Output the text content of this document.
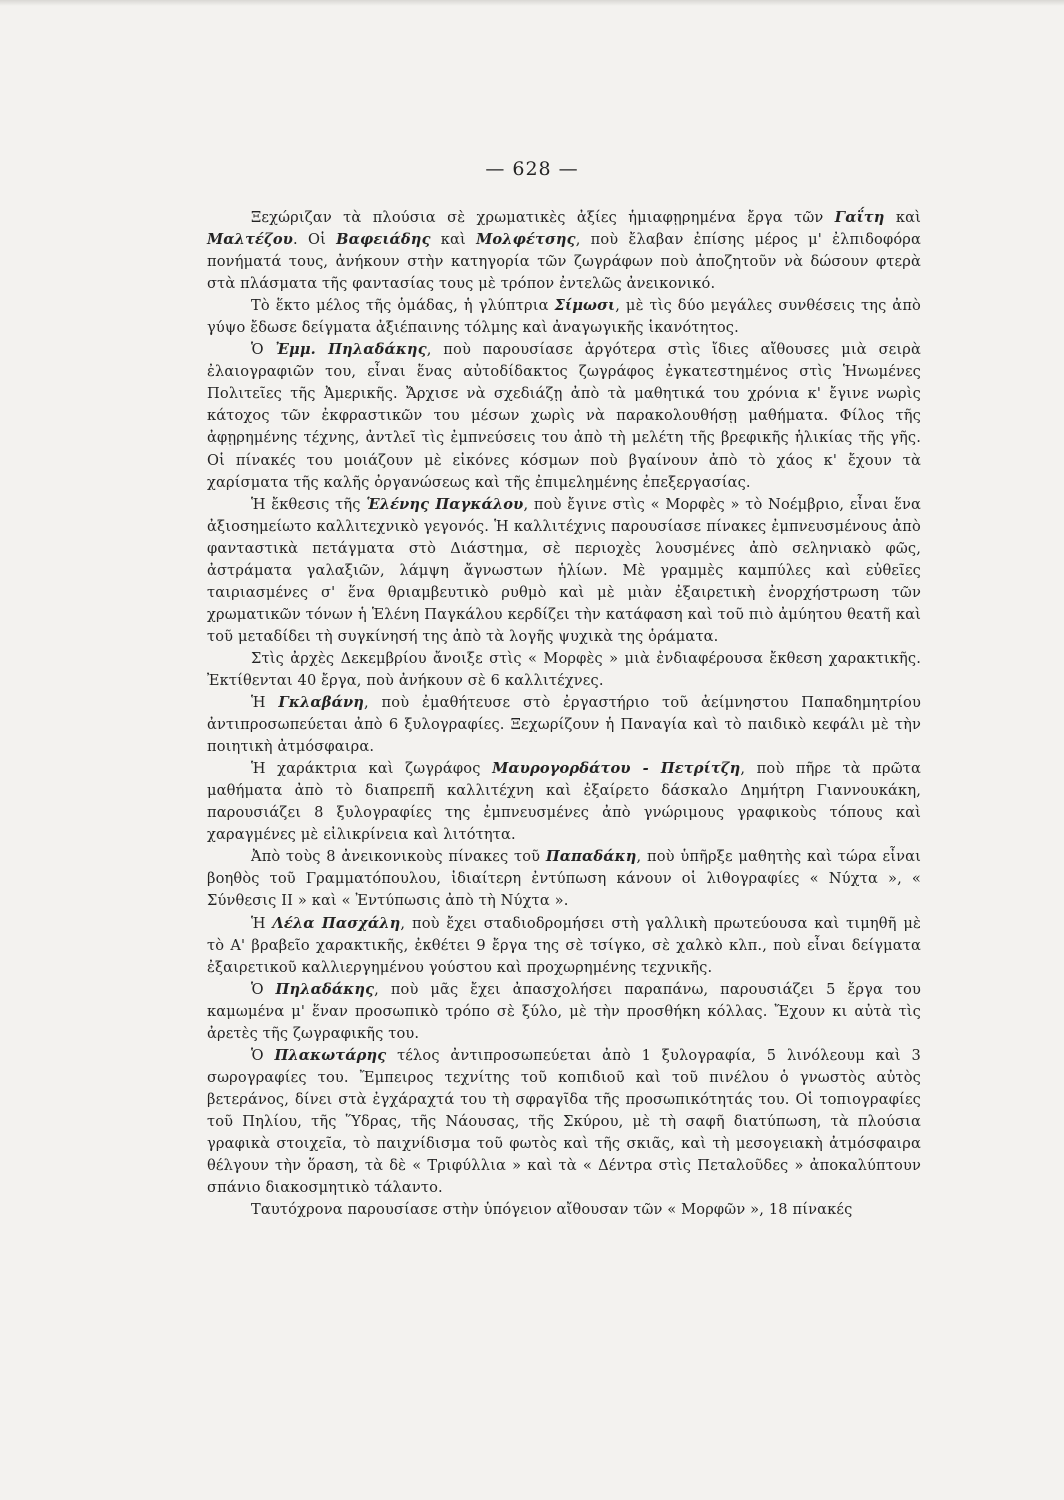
— 628 —

Ξεχώριζαν τὰ πλούσια σὲ χρωματικὲς ἀξίες ἡμιαφῃρημένα ἔργα τῶν Γαΐτη καὶ Μαλτέζου. Οἱ Βαφειάδης καὶ Μολφέτσης, ποὺ ἔλαβαν ἐπίσης μέρος μ' ἐλπιδοφόρα πονήματά τους, ἀνήκουν στὴν κατηγορία τῶν ζωγράφων ποὺ ἀποζητοῦν νὰ δώσουν φτερὰ στὰ πλάσματα τῆς φαντασίας τους μὲ τρόπον ἐντελῶς ἀνεικονικό.

Τὸ ἕκτο μέλος τῆς ὁμάδας, ἡ γλύπτρια Σίμωσι, μὲ τὶς δύο μεγάλες συνθέσεις της ἀπὸ γύψο ἔδωσε δείγματα ἀξιέπαινης τόλμης καὶ ἀναγωγικῆς ἱκανότητος.

Ὁ Ἐμμ. Πηλαδάκης, ποὺ παρουσίασε ἀργότερα στὶς ἴδιες αἴθουσες μιὰ σειρὰ ἐλαιογραφιῶν του, εἶναι ἕνας αὐτοδίδακτος ζωγράφος ἐγκατεστημένος στὶς Ἡνωμένες Πολιτεῖες τῆς Ἀμερικῆς. Ἄρχισε νὰ σχεδιάζῃ ἀπὸ τὰ μαθητικά του χρόνια κ' ἔγινε νωρὶς κάτοχος τῶν ἐκφραστικῶν του μέσων χωρὶς νὰ παρακολουθήσῃ μαθήματα. Φίλος τῆς ἀφῃρημένης τέχνης, ἀντλεῖ τὶς ἐμπνεύσεις του ἀπὸ τὴ μελέτη τῆς βρεφικῆς ἡλικίας τῆς γῆς. Οἱ πίνακές του μοιάζουν μὲ εἰκόνες κόσμων ποὺ βγαίνουν ἀπὸ τὸ χάος κ' ἔχουν τὰ χαρίσματα τῆς καλῆς ὀργανώσεως καὶ τῆς ἐπιμελημένης ἐπεξεργασίας.

Ἡ ἔκθεσις τῆς Ἑλένης Παγκάλου, ποὺ ἔγινε στὶς « Μορφὲς » τὸ Νοέμβριο, εἶναι ἕνα ἀξιοσημείωτο καλλιτεχνικὸ γεγονός. Ἡ καλλιτέχνις παρουσίασε πίνακες ἐμπνευσμένους ἀπὸ φανταστικὰ πετάγματα στὸ Διάστημα, σὲ περιοχὲς λουσμένες ἀπὸ σεληνιακὸ φῶς, ἀστράματα γαλαξιῶν, λάμψη ἄγνωστων ἡλίων. Μὲ γραμμὲς καμπύλες καὶ εὐθεῖες ταιριασμένες σ' ἕνα θριαμβευτικὸ ρυθμὸ καὶ μὲ μιὰν ἐξαιρετικὴ ἐνορχήστρωση τῶν χρωματικῶν τόνων ἡ Ἑλένη Παγκάλου κερδίζει τὴν κατάφαση καὶ τοῦ πιὸ ἀμύητου θεατῆ καὶ τοῦ μεταδίδει τὴ συγκίνησή της ἀπὸ τὰ λογῆς ψυχικὰ της ὁράματα.

Στὶς ἀρχὲς Δεκεμβρίου ἄνοιξε στὶς « Μορφὲς » μιὰ ἐνδιαφέρουσα ἔκθεση χαρακτικῆς. Ἐκτίθενται 40 ἔργα, ποὺ ἀνήκουν σὲ 6 καλλιτέχνες.

Ἡ Γκλαβάνη, ποὺ ἐμαθήτευσε στὸ ἐργαστήριο τοῦ ἀείμνηστου Παπαδημητρίου ἀντιπροσωπεύεται ἀπὸ 6 ξυλογραφίες. Ξεχωρίζουν ἡ Παναγία καὶ τὸ παιδικὸ κεφάλι μὲ τὴν ποιητικὴ ἀτμόσφαιρα.

Ἡ χαράκτρια καὶ ζωγράφος Μαυρογορδάτου - Πετρίτζη, ποὺ πῆρε τὰ πρῶτα μαθήματα ἀπὸ τὸ διαπρεπῆ καλλιτέχνη καὶ ἐξαίρετο δάσκαλο Δημήτρη Γιαννουκάκη, παρουσιάζει 8 ξυλογραφίες της ἐμπνευσμένες ἀπὸ γνώριμους γραφικοὺς τόπους καὶ χαραγμένες μὲ εἰλικρίνεια καὶ λιτότητα.

Ἀπὸ τοὺς 8 ἀνεικονικοὺς πίνακες τοῦ Παπαδάκη, ποὺ ὑπῆρξε μαθητὴς καὶ τώρα εἶναι βοηθὸς τοῦ Γραμματόπουλου, ἰδιαίτερη ἐντύπωση κάνουν οἱ λιθογραφίες « Νύχτα », « Σύνθεσις ΙΙ » καὶ « Ἐντύπωσις ἀπὸ τὴ Νύχτα ».

Ἡ Λέλα Πασχάλη, ποὺ ἔχει σταδιοδρομήσει στὴ γαλλικὴ πρωτεύουσα καὶ τιμηθῆ μὲ τὸ Α' βραβεῖο χαρακτικῆς, ἐκθέτει 9 ἔργα της σὲ τσίγκο, σὲ χαλκὸ κλπ., ποὺ εἶναι δείγματα ἐξαιρετικοῦ καλλιεργημένου γούστου καὶ προχωρημένης τεχνικῆς.

Ὁ Πηλαδάκης, ποὺ μᾶς ἔχει ἀπασχολήσει παραπάνω, παρουσιάζει 5 ἔργα του καμωμένα μ' ἕναν προσωπικὸ τρόπο σὲ ξύλο, μὲ τὴν προσθήκη κόλλας. Ἔχουν κι αὐτὰ τὶς ἀρετὲς τῆς ζωγραφικῆς του.

Ὁ Πλακωτάρης τέλος ἀντιπροσωπεύεται ἀπὸ 1 ξυλογραφία, 5 λινόλεουμ καὶ 3 σωρογραφίες του. Ἔμπειρος τεχνίτης τοῦ κοπιδιοῦ καὶ τοῦ πινέλου ὁ γνωστὸς αὐτὸς βετεράνος, δίνει στὰ ἐγχάραχτά του τὴ σφραγῖδα τῆς προσωπικότητάς του. Οἱ τοπιογραφίες τοῦ Πηλίου, τῆς Ὕδρας, τῆς Νάουσας, τῆς Σκύρου, μὲ τὴ σαφῆ διατύπωση, τὰ πλούσια γραφικὰ στοιχεῖα, τὸ παιχνίδισμα τοῦ φωτὸς καὶ τῆς σκιᾶς, καὶ τὴ μεσογειακὴ ἀτμόσφαιρα θέλγουν τὴν ὅραση, τὰ δὲ « Τριφύλλια » καὶ τὰ « Δέντρα στὶς Πεταλοῦδες » ἀποκαλύπτουν σπάνιο διακοσμητικὸ τάλαντο.

Ταυτόχρονα παρουσίασε στὴν ὑπόγειον αἴθουσαν τῶν « Μορφῶν », 18 πίνακές
